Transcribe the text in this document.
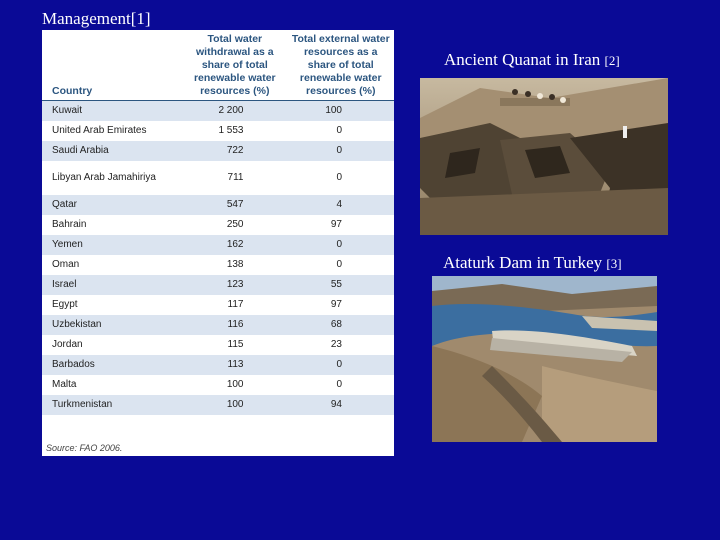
Management[1]
Country	Total water withdrawal as a share of total renewable water resources (%)	Total external water resources as a share of total renewable water resources (%)
Kuwait	2 200	100
United Arab Emirates	1 553	0
Saudi Arabia	722	0
Libyan Arab Jamahiriya	711	0
Qatar	547	4
Bahrain	250	97
Yemen	162	0
Oman	138	0
Israel	123	55
Egypt	117	97
Uzbekistan	116	68
Jordan	115	23
Barbados	113	0
Malta	100	0
Turkmenistan	100	94
Source: FAO 2006.
Ancient Quanat in Iran [2]
Ataturk Dam in Turkey [3]
